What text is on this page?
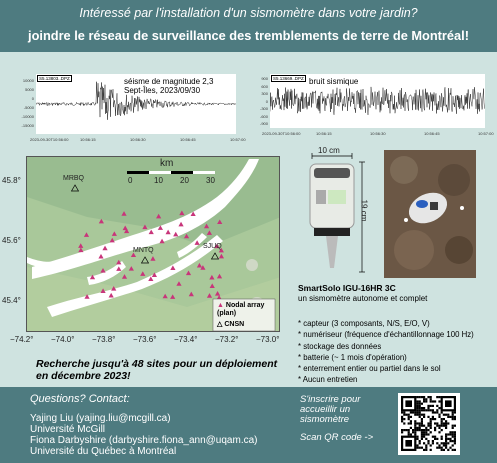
Intéressé par l'installation d'un sismomètre dans votre jardin?
joindre le réseau de surveillance des tremblements de terre de Montréal!
S5.13803..DPZ	séisme de magnitude 2,3
Sept-Îles, 2023/09/30
S5.13669..DPZ bruit sismique
km
0	10 20 30
MRBQ
SJUQ
MNTQ
▲ Nodal array (plan)
△ CNSN
45.8°
45.6°
45.4°
−74.2° −74.0° −73.8° −73.6° −73.4° −73.2° −73.0°
Recherche jusqu'à 48 sites pour un déploiement en décembre 2023!
10 cm
19 cm
SmartSolo IGU-16HR 3C
un sismomètre autonome et complet
* capteur (3 composants, N/S, E/O, V)
* numériseur (fréquence d'échantillonnage 100 Hz)
* stockage des données
* batterie (~ 1 mois d'opération)
* enterrement entier ou partiel dans le sol
* Aucun entretien
Questions? Contact:
Yajing Liu (yajing.liu@mcgill.ca)
Université McGill
Fiona Darbyshire (darbyshire.fiona_ann@uqam.ca)
Université du Québec à Montréal
S'inscrire pour
accueillir un
sismomètre
Scan QR code ->
10000
5000
0
-5000
-10000
-15000
2023-09-30T10:56:00	10:56:15	10:56:30	10:56:45	10:57:00
900
600
300
0
-300
-600
-900
2023-09-30T10:56:00	10:56:15	10:56:30	10:56:45	10:57:00
